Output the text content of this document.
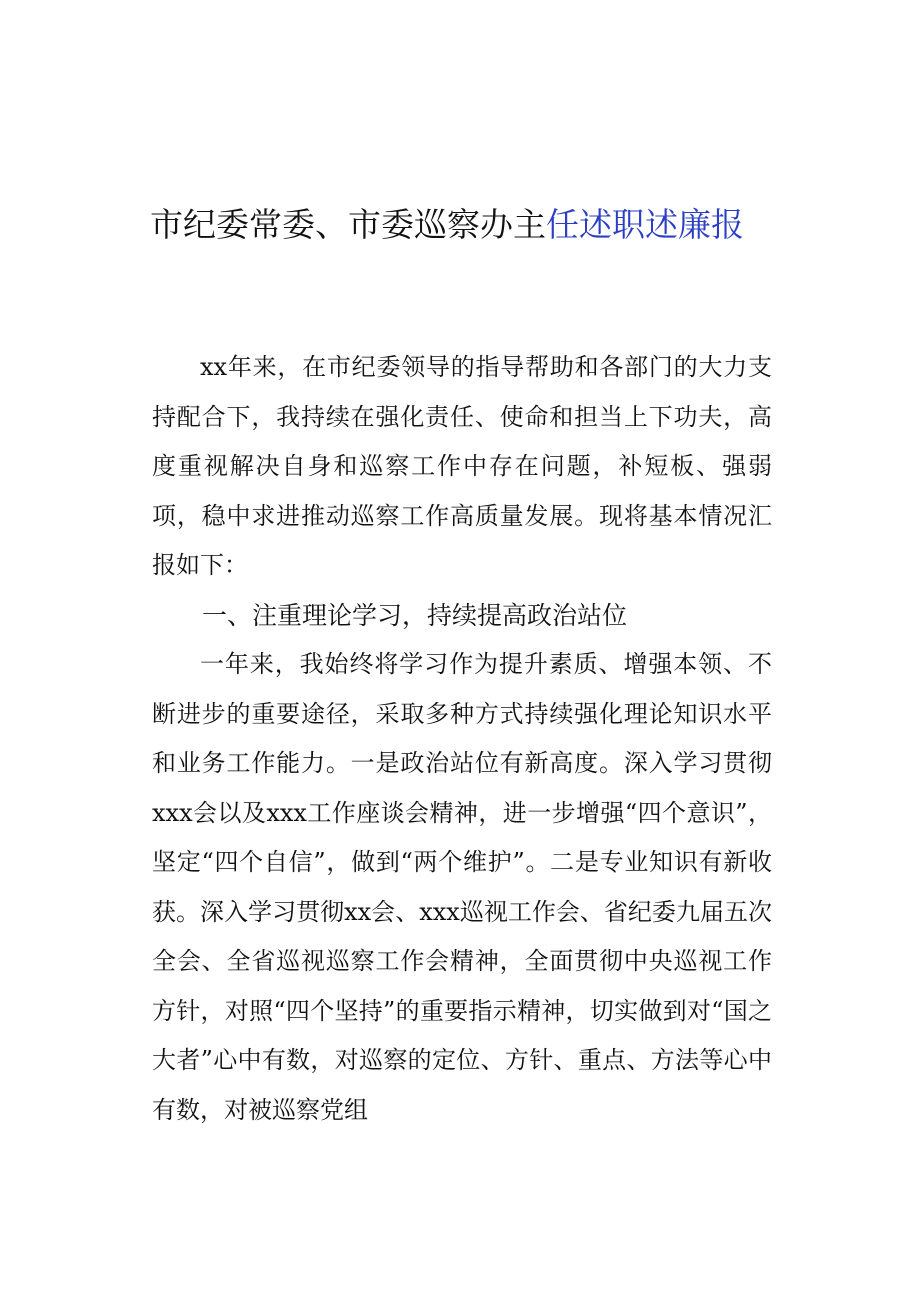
市纪委常委、市委巡察办主任述职述廉报

xx年来，在市纪委领导的指导帮助和各部门的大力支持配合下，我持续在强化责任、使命和担当上下功夫，高度重视解决自身和巡察工作中存在问题，补短板、强弱项，稳中求进推动巡察工作高质量发展。现将基本情况汇报如下：

一、注重理论学习，持续提高政治站位

一年来，我始终将学习作为提升素质、增强本领、不断进步的重要途径，采取多种方式持续强化理论知识水平和业务工作能力。一是政治站位有新高度。深入学习贯彻xxx会以及xxx工作座谈会精神，进一步增强“四个意识”，坚定“四个自信”，做到“两个维护”。二是专业知识有新收获。深入学习贯彻xx会、xxx巡视工作会、省纪委九届五次全会、全省巡视巡察工作会精神，全面贯彻中央巡视工作方针，对照“四个坚持”的重要指示精神，切实做到对“国之大者”心中有数，对巡察的定位、方针、重点、方法等心中有数，对被巡察党组
